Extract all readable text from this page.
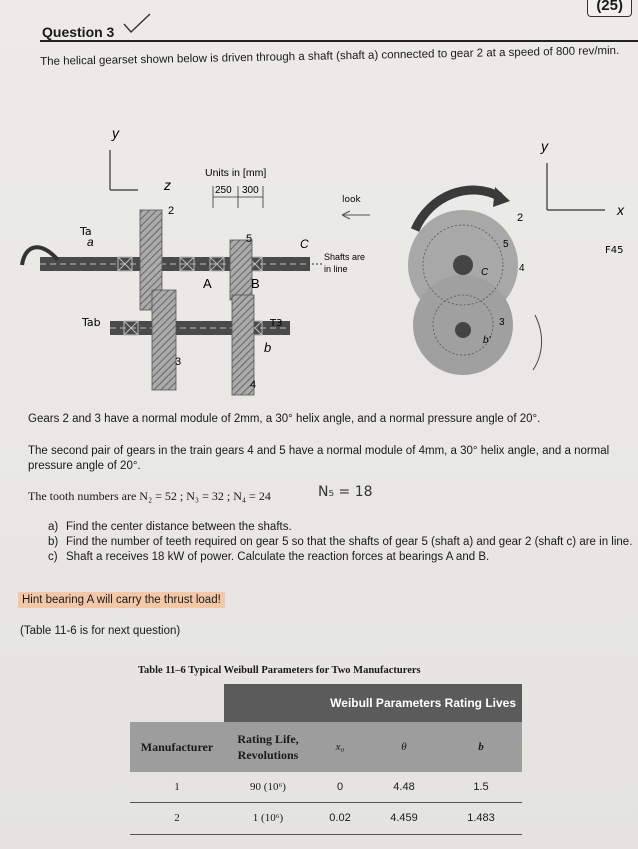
(25)
Question 3
The helical gearset shown below is driven through a shaft (shaft a) connected to gear 2 at a speed of 800 rev/min.
y
z
Units in [mm]
250 300
2
3
4
5
a
b
C
A	B
Shafts are
in line
look
Ta
Tab	T3
y
x
2
5
4
3
C
b'
F45
Gears 2 and 3 have a normal module of 2mm, a 30° helix angle, and a normal pressure angle of 20°.
The second pair of gears in the train gears 4 and 5 have a normal module of 4mm, a 30° helix angle, and a normal pressure angle of 20°.
The tooth numbers are N₂ = 52 ; N₃ = 32 ; N₄ = 24	N₅ = 18
a) Find the center distance between the shafts.
b) Find the number of teeth required on gear 5 so that the shafts of gear 5 (shaft a) and gear 2 (shaft c) are in line.
c) Shaft a receives 18 kW of power. Calculate the reaction forces at bearings A and B.
Hint bearing A will carry the thrust load!
(Table 11-6 is for next question)
Table 11–6 Typical Weibull Parameters for Two Manufacturers
	Weibull Parameters Rating Lives			
Manufacturer	Rating Life, Revolutions	x₀	θ	b
1	90 (10⁶)	0	4.48	1.5
2	1 (10⁶)	0.02	4.459	1.483
